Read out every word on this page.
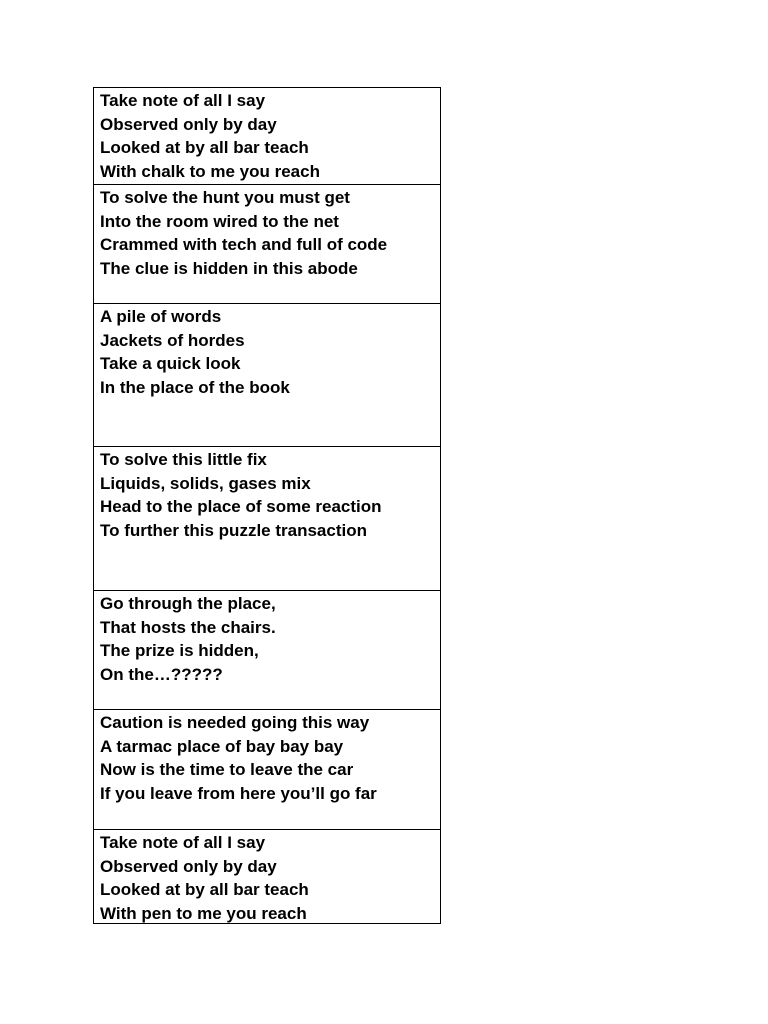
Take note of all I say
Observed only by day
Looked at by all bar teach
With chalk to me you reach
To solve the hunt you must get
Into the room wired to the net
Crammed with tech and full of code
The clue is hidden in this abode
A pile of words
Jackets of hordes
Take a quick look
In the place of the book
To solve this little fix
Liquids, solids, gases mix
Head to the place of some reaction
To further this puzzle transaction
Go through the place,
That hosts the chairs.
The prize is hidden,
On the…?????
Caution is needed going this way
A tarmac place of bay bay bay
Now is the time to leave the car
If you leave from here you’ll go far
Take note of all I say
Observed only by day
Looked at by all bar teach
With pen to me you reach
